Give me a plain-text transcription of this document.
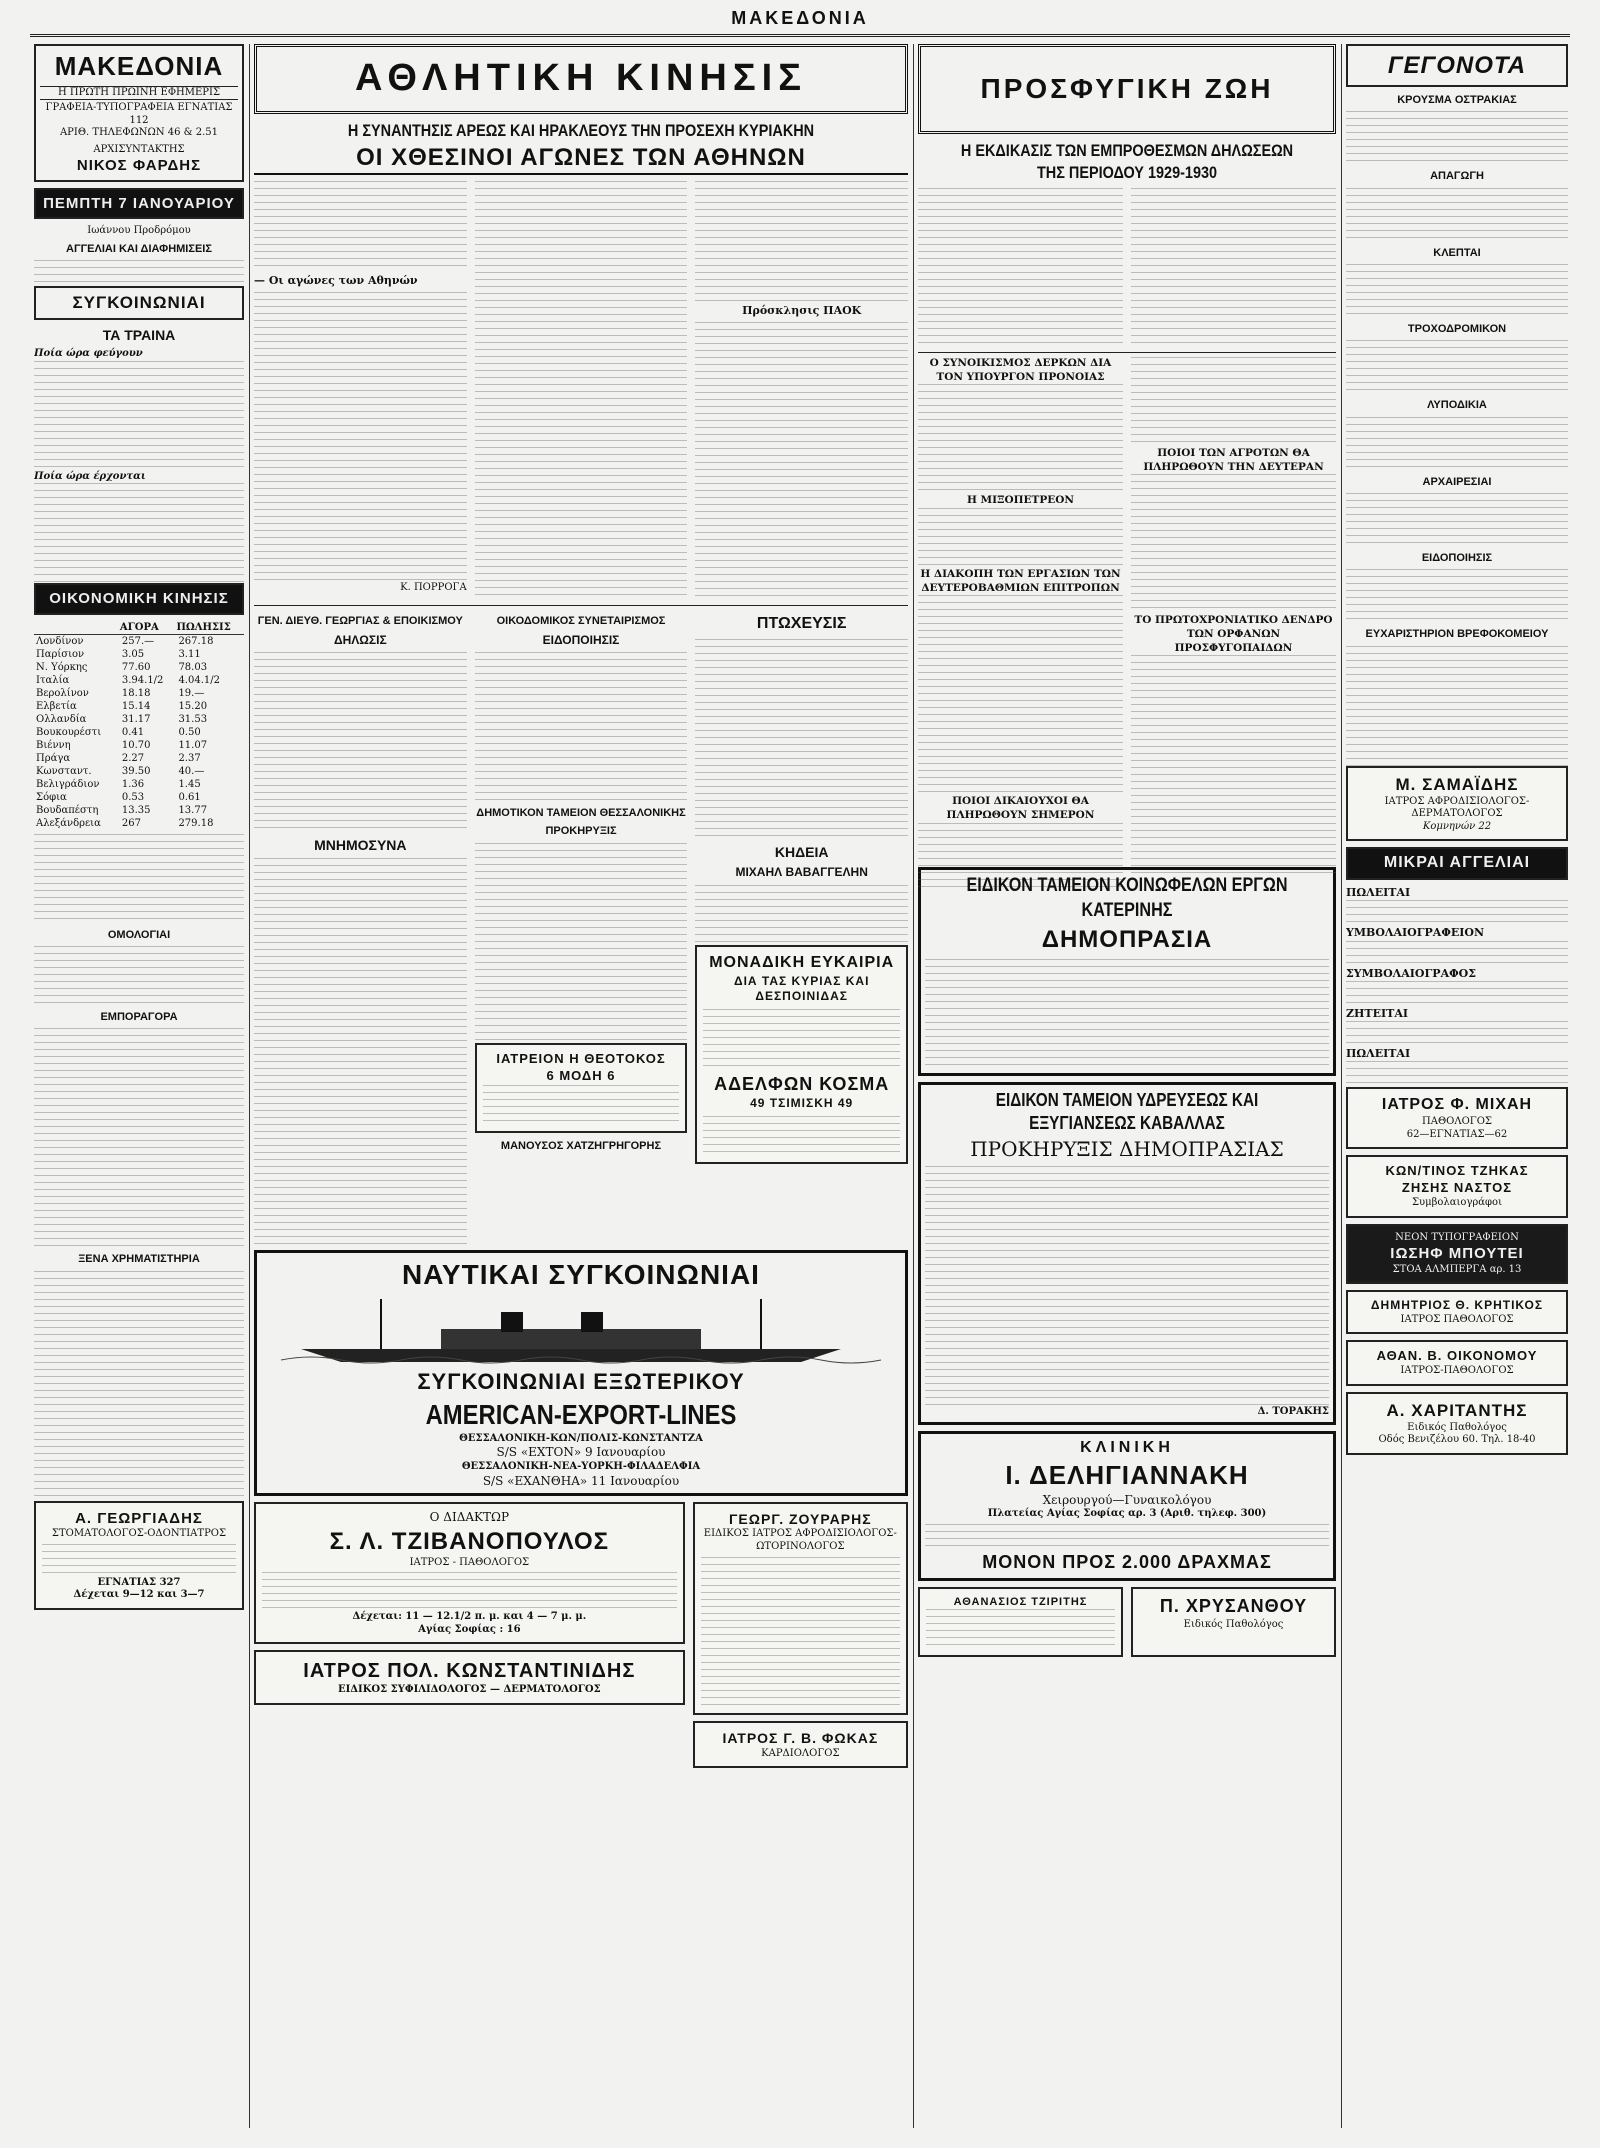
ΜΑΚΕΔΟΝΙΑ
ΜΑΚΕΔΟΝΙΑ
Η ΠΡΩΤΗ ΠΡΩΙΝΗ ΕΦΗΜΕΡΙΣ
ΓΡΑΦΕΙΑ-ΤΥΠΟΓΡΑΦΕΙΑ ΕΓΝΑΤΙΑΣ 112
ΑΡΙΘ. ΤΗΛΕΦΩΝΩΝ 46 & 2.51
ΑΡΧΙΣΥΝΤΑΚΤΗΣ
ΝΙΚΟΣ ΦΑΡΔΗΣ
ΠΕΜΠΤΗ 7 ΙΑΝΟΥΑΡΙΟΥ
Ιωάννου Προδρόμου
ΑΓΓΕΛΙΑΙ ΚΑΙ ΔΙΑΦΗΜΙΣΕΙΣ
ΣΥΓΚΟΙΝΩΝΙΑΙ
ΤΑ ΤΡΑΙΝΑ
Ποία ώρα φεύγουν
Ποία ώρα έρχονται
ΟΙΚΟΝΟΜΙΚΗ ΚΙΝΗΣΙΣ
	ΑΓΟΡΑ	ΠΩΛΗΣΙΣ
Λονδίνον	257.—	267.18
Παρίσιον	3.05	3.11
Ν. Υόρκης	77.60	78.03
Ιταλία	3.94.1/2	4.04.1/2
Βερολίνον	18.18	19.—
Ελβετία	15.14	15.20
Ολλανδία	31.17	31.53
Βουκουρέστι	0.41	0.50
Βιέννη	10.70	11.07
Πράγα	2.27	2.37
Κωνσταντ.	39.50	40.—
Βελιγράδιον	1.36	1.45
Σόφια	0.53	0.61
Βουδαπέστη	13.35	13.77
Αλεξάνδρεια	267	279.18
ΟΜΟΛΟΓΙΑΙ
ΕΜΠΟΡΑΓΟΡΑ
ΞΕΝΑ ΧΡΗΜΑΤΙΣΤΗΡΙΑ
Α. ΓΕΩΡΓΙΑΔΗΣ
ΣΤΟΜΑΤΟΛΟΓΟΣ-ΟΔΟΝΤΙΑΤΡΟΣ
ΕΓΝΑΤΙΑΣ 327
Δέχεται 9—12 και 3—7
ΑΘΛΗΤΙΚΗ ΚΙΝΗΣΙΣ
Η ΣΥΝΑΝΤΗΣΙΣ ΑΡΕΩΣ ΚΑΙ ΗΡΑΚΛΕΟΥΣ ΤΗΝ ΠΡΟΣΕΧΗ ΚΥΡΙΑΚΗΝ
ΟΙ ΧΘΕΣΙΝΟΙ ΑΓΩΝΕΣ ΤΩΝ ΑΘΗΝΩΝ
— Οι αγώνες των Αθηνών
Κ. ΠΟΡΡΟΓΑ
Πρόσκλησις ΠΑΟΚ
ΓΕΝ. ΔΙΕΥΘ. ΓΕΩΡΓΙΑΣ & ΕΠΟΙΚΙΣΜΟΥ
ΔΗΛΩΣΙΣ
ΜΝΗΜΟΣΥΝΑ
ΟΙΚΟΔΟΜΙΚΟΣ ΣΥΝΕΤΑΙΡΙΣΜΟΣ
ΕΙΔΟΠΟΙΗΣΙΣ
ΔΗΜΟΤΙΚΟΝ ΤΑΜΕΙΟΝ ΘΕΣΣΑΛΟΝΙΚΗΣ
ΠΡΟΚΗΡΥΞΙΣ
ΙΑΤΡΕΙΟΝ Η ΘΕΟΤΟΚΟΣ
6 ΜΟΔΗ 6
ΜΑΝΟΥΣΟΣ ΧΑΤΖΗΓΡΗΓΟΡΗΣ
ΠΤΩΧΕΥΣΙΣ
ΚΗΔΕΙΑ
ΜΙΧΑΗΛ ΒΑΒΑΓΓΕΛΗΝ
ΜΟΝΑΔΙΚΗ ΕΥΚΑΙΡΙΑ
ΔΙΑ ΤΑΣ ΚΥΡΙΑΣ ΚΑΙ ΔΕΣΠΟΙΝΙΔΑΣ
ΑΔΕΛΦΩΝ ΚΟΣΜΑ
49 ΤΣΙΜΙΣΚΗ 49
ΝΑΥΤΙΚΑΙ ΣΥΓΚΟΙΝΩΝΙΑΙ
ΣΥΓΚΟΙΝΩΝΙΑΙ ΕΞΩΤΕΡΙΚΟΥ
AMERICAN-EXPORT-LINES
ΘΕΣΣΑΛΟΝΙΚΗ-ΚΩΝ/ΠΟΛΙΣ-ΚΩΝΣΤΑΝΤΖΑ
S/S «ΕΧΤΟΝ» 9 Ιανουαρίου
ΘΕΣΣΑΛΟΝΙΚΗ-ΝΕΑ-ΥΟΡΚΗ-ΦΙΛΑΔΕΛΦΙΑ
S/S «ΕΧΑΝΘΗΑ» 11 Ιανουαρίου
Ο ΔΙΔΑΚΤΩΡ
Σ. Λ. ΤΖΙΒΑΝΟΠΟΥΛΟΣ
ΙΑΤΡΟΣ - ΠΑΘΟΛΟΓΟΣ
Δέχεται: 11 — 12.1/2 π. μ. και 4 — 7 μ. μ.
Αγίας Σοφίας : 16
ΙΑΤΡΟΣ ΠΟΛ. ΚΩΝΣΤΑΝΤΙΝΙΔΗΣ
ΕΙΔΙΚΟΣ ΣΥΦΙΛΙΔΟΛΟΓΟΣ — ΔΕΡΜΑΤΟΛΟΓΟΣ
ΓΕΩΡΓ. ΖΟΥΡΑΡΗΣ
ΕΙΔΙΚΟΣ ΙΑΤΡΟΣ ΑΦΡΟΔΙΣΙΟΛΟΓΟΣ-ΩΤΟΡΙΝΟΛΟΓΟΣ
ΙΑΤΡΟΣ Γ. Β. ΦΩΚΑΣ
ΚΑΡΔΙΟΛΟΓΟΣ
ΠΡΟΣΦΥΓΙΚΗ ΖΩΗ
Η ΕΚΔΙΚΑΣΙΣ ΤΩΝ ΕΜΠΡΟΘΕΣΜΩΝ ΔΗΛΩΣΕΩΝ ΤΗΣ ΠΕΡΙΟΔΟΥ 1929-1930
Ο ΣΥΝΟΙΚΙΣΜΟΣ ΔΕΡΚΩΝ ΔΙΑ ΤΟΝ ΥΠΟΥΡΓΟΝ ΠΡΟΝΟΙΑΣ
Η ΜΙΞΟΠΕΤΡΕΟΝ
Η ΔΙΑΚΟΠΗ ΤΩΝ ΕΡΓΑΣΙΩΝ ΤΩΝ ΔΕΥΤΕΡΟΒΑΘΜΙΩΝ ΕΠΙΤΡΟΠΩΝ
ΠΟΙΟΙ ΔΙΚΑΙΟΥΧΟΙ ΘΑ ΠΛΗΡΩΘΟΥΝ ΣΗΜΕΡΟΝ
ΠΟΙΟΙ ΤΩΝ ΑΓΡΟΤΩΝ ΘΑ ΠΛΗΡΩΘΟΥΝ ΤΗΝ ΔΕΥΤΕΡΑΝ
ΤΟ ΠΡΩΤΟΧΡΟΝΙΑΤΙΚΟ ΔΕΝΔΡΟ ΤΩΝ ΟΡΦΑΝΩΝ ΠΡΟΣΦΥΓΟΠΑΙΔΩΝ
ΕΙΔΙΚΟΝ ΤΑΜΕΙΟΝ ΚΟΙΝΩΦΕΛΩΝ ΕΡΓΩΝ ΚΑΤΕΡΙΝΗΣ
ΔΗΜΟΠΡΑΣΙΑ
ΕΙΔΙΚΟΝ ΤΑΜΕΙΟΝ ΥΔΡΕΥΣΕΩΣ ΚΑΙ ΕΞΥΓΙΑΝΣΕΩΣ ΚΑΒΑΛΛΑΣ
ΠΡΟΚΗΡΥΞΙΣ ΔΗΜΟΠΡΑΣΙΑΣ
Δ. ΤΟΡΑΚΗΣ
ΚΛΙΝΙΚΗ
Ι. ΔΕΛΗΓΙΑΝΝΑΚΗ
Χειρουργού—Γυναικολόγου
Πλατείας Αγίας Σοφίας αρ. 3 (Αριθ. τηλεφ. 300)
ΜΟΝΟΝ ΠΡΟΣ 2.000 ΔΡΑΧΜΑΣ
ΑΘΑΝΑΣΙΟΣ ΤΖΙΡΙΤΗΣ	Π. ΧΡΥΣΑΝΘΟΥ
Ειδικός Παθολόγος
ΓΕΓΟΝΟΤΑ
ΚΡΟΥΣΜΑ ΟΣΤΡΑΚΙΑΣ
ΑΠΑΓΩΓΗ
ΚΛΕΠΤΑΙ
ΤΡΟΧΟΔΡΟΜΙΚΟΝ
ΛΥΠΟΔΙΚΙΑ
ΑΡΧΑΙΡΕΣΙΑΙ
ΕΙΔΟΠΟΙΗΣΙΣ
ΕΥΧΑΡΙΣΤΗΡΙΟΝ ΒΡΕΦΟΚΟΜΕΙΟΥ
Μ. ΣΑΜΑΪΔΗΣ
ΙΑΤΡΟΣ ΑΦΡΟΔΙΣΙΟΛΟΓΟΣ-ΔΕΡΜΑΤΟΛΟΓΟΣ
Κομνηνών 22
ΜΙΚΡΑΙ ΑΓΓΕΛΙΑΙ
ΠΩΛΕΙΤΑΙ
ΥΜΒΟΛΑΙΟΓΡΑΦΕΙΟΝ
ΣΥΜΒΟΛΑΙΟΓΡΑΦΟΣ
ΖΗΤΕΙΤΑΙ
ΠΩΛΕΙΤΑΙ
ΙΑΤΡΟΣ Φ. ΜΙΧΑΗ
ΠΑΘΟΛΟΓΟΣ
62—ΕΓΝΑΤΙΑΣ—62
ΚΩΝ/ΤΙΝΟΣ ΤΖΗΚΑΣ
ΖΗΣΗΣ ΝΑΣΤΟΣ
Συμβολαιογράφοι
ΝΕΟΝ ΤΥΠΟΓΡΑΦΕΙΟΝ
ΙΩΣΗΦ ΜΠΟΥΤΕΙ
ΣΤΟΑ ΑΛΜΠΕΡΓΑ αρ. 13
ΔΗΜΗΤΡΙΟΣ Θ. ΚΡΗΤΙΚΟΣ
ΙΑΤΡΟΣ ΠΑΘΟΛΟΓΟΣ
ΑΘΑΝ. Β. ΟΙΚΟΝΟΜΟΥ
ΙΑΤΡΟΣ-ΠΑΘΟΛΟΓΟΣ
Α. ΧΑΡΙΤΑΝΤΗΣ
Ειδικός Παθολόγος
Οδός Βενιζέλου 60. Τηλ. 18-40
